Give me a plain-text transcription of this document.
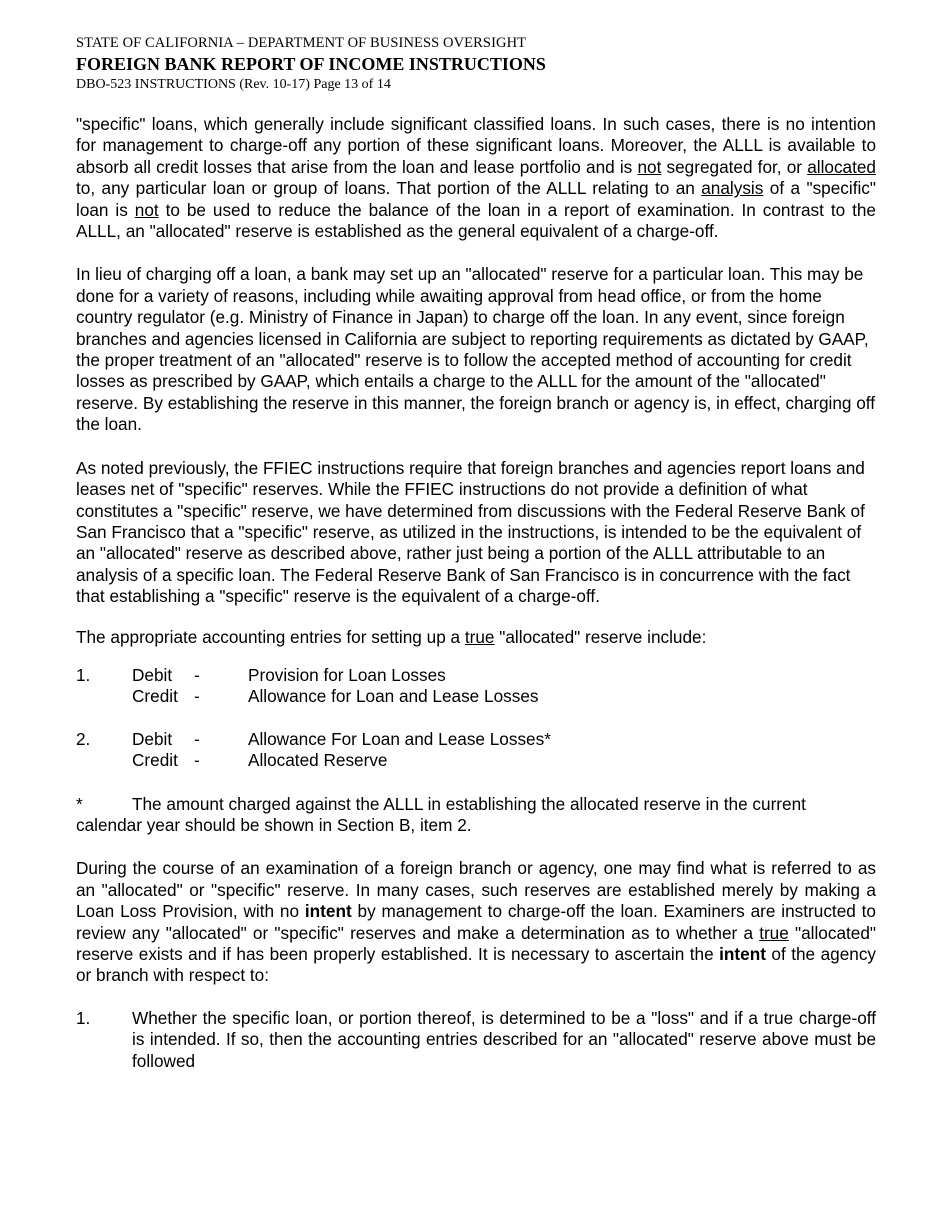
STATE OF CALIFORNIA – DEPARTMENT OF BUSINESS OVERSIGHT
FOREIGN BANK REPORT OF INCOME INSTRUCTIONS
DBO-523 INSTRUCTIONS (Rev. 10-17) Page 13 of 14

"specific" loans, which generally include significant classified loans. In such cases, there is no intention for management to charge-off any portion of these significant loans. Moreover, the ALLL is available to absorb all credit losses that arise from the loan and lease portfolio and is not segregated for, or allocated to, any particular loan or group of loans. That portion of the ALLL relating to an analysis of a "specific" loan is not to be used to reduce the balance of the loan in a report of examination. In contrast to the ALLL, an "allocated" reserve is established as the general equivalent of a charge-off.

In lieu of charging off a loan, a bank may set up an "allocated" reserve for a particular loan. This may be done for a variety of reasons, including while awaiting approval from head office, or from the home country regulator (e.g. Ministry of Finance in Japan) to charge off the loan. In any event, since foreign branches and agencies licensed in California are subject to reporting requirements as dictated by GAAP, the proper treatment of an "allocated" reserve is to follow the accepted method of accounting for credit losses as prescribed by GAAP, which entails a charge to the ALLL for the amount of the "allocated" reserve. By establishing the reserve in this manner, the foreign branch or agency is, in effect, charging off the loan.

As noted previously, the FFIEC instructions require that foreign branches and agencies report loans and leases net of "specific" reserves. While the FFIEC instructions do not provide a definition of what constitutes a "specific" reserve, we have determined from discussions with the Federal Reserve Bank of San Francisco that a "specific" reserve, as utilized in the instructions, is intended to be the equivalent of an "allocated" reserve as described above, rather just being a portion of the ALLL attributable to an analysis of a specific loan. The Federal Reserve Bank of San Francisco is in concurrence with the fact that establishing a "specific" reserve is the equivalent of a charge-off.

The appropriate accounting entries for setting up a true "allocated" reserve include:

1.	Debit	-	Provision for Loan Losses
Credit -	Allowance for Loan and Lease Losses
2.	Debit	-	Allowance For Loan and Lease Losses*
Credit -	Allocated Reserve
*	The amount charged against the ALLL in establishing the allocated reserve in the current

calendar year should be shown in Section B, item 2.

During the course of an examination of a foreign branch or agency, one may find what is referred to as an "allocated" or "specific" reserve. In many cases, such reserves are established merely by making a Loan Loss Provision, with no intent by management to charge-off the loan. Examiners are instructed to review any "allocated" or "specific" reserves and make a determination as to whether a true "allocated" reserve exists and if has been properly established. It is necessary to ascertain the intent of the agency or branch with respect to:

1.	Whether the specific loan, or portion thereof, is determined to be a "loss" and if a true charge-off is intended. If so, then the accounting entries described for an "allocated" reserve above must be followed
